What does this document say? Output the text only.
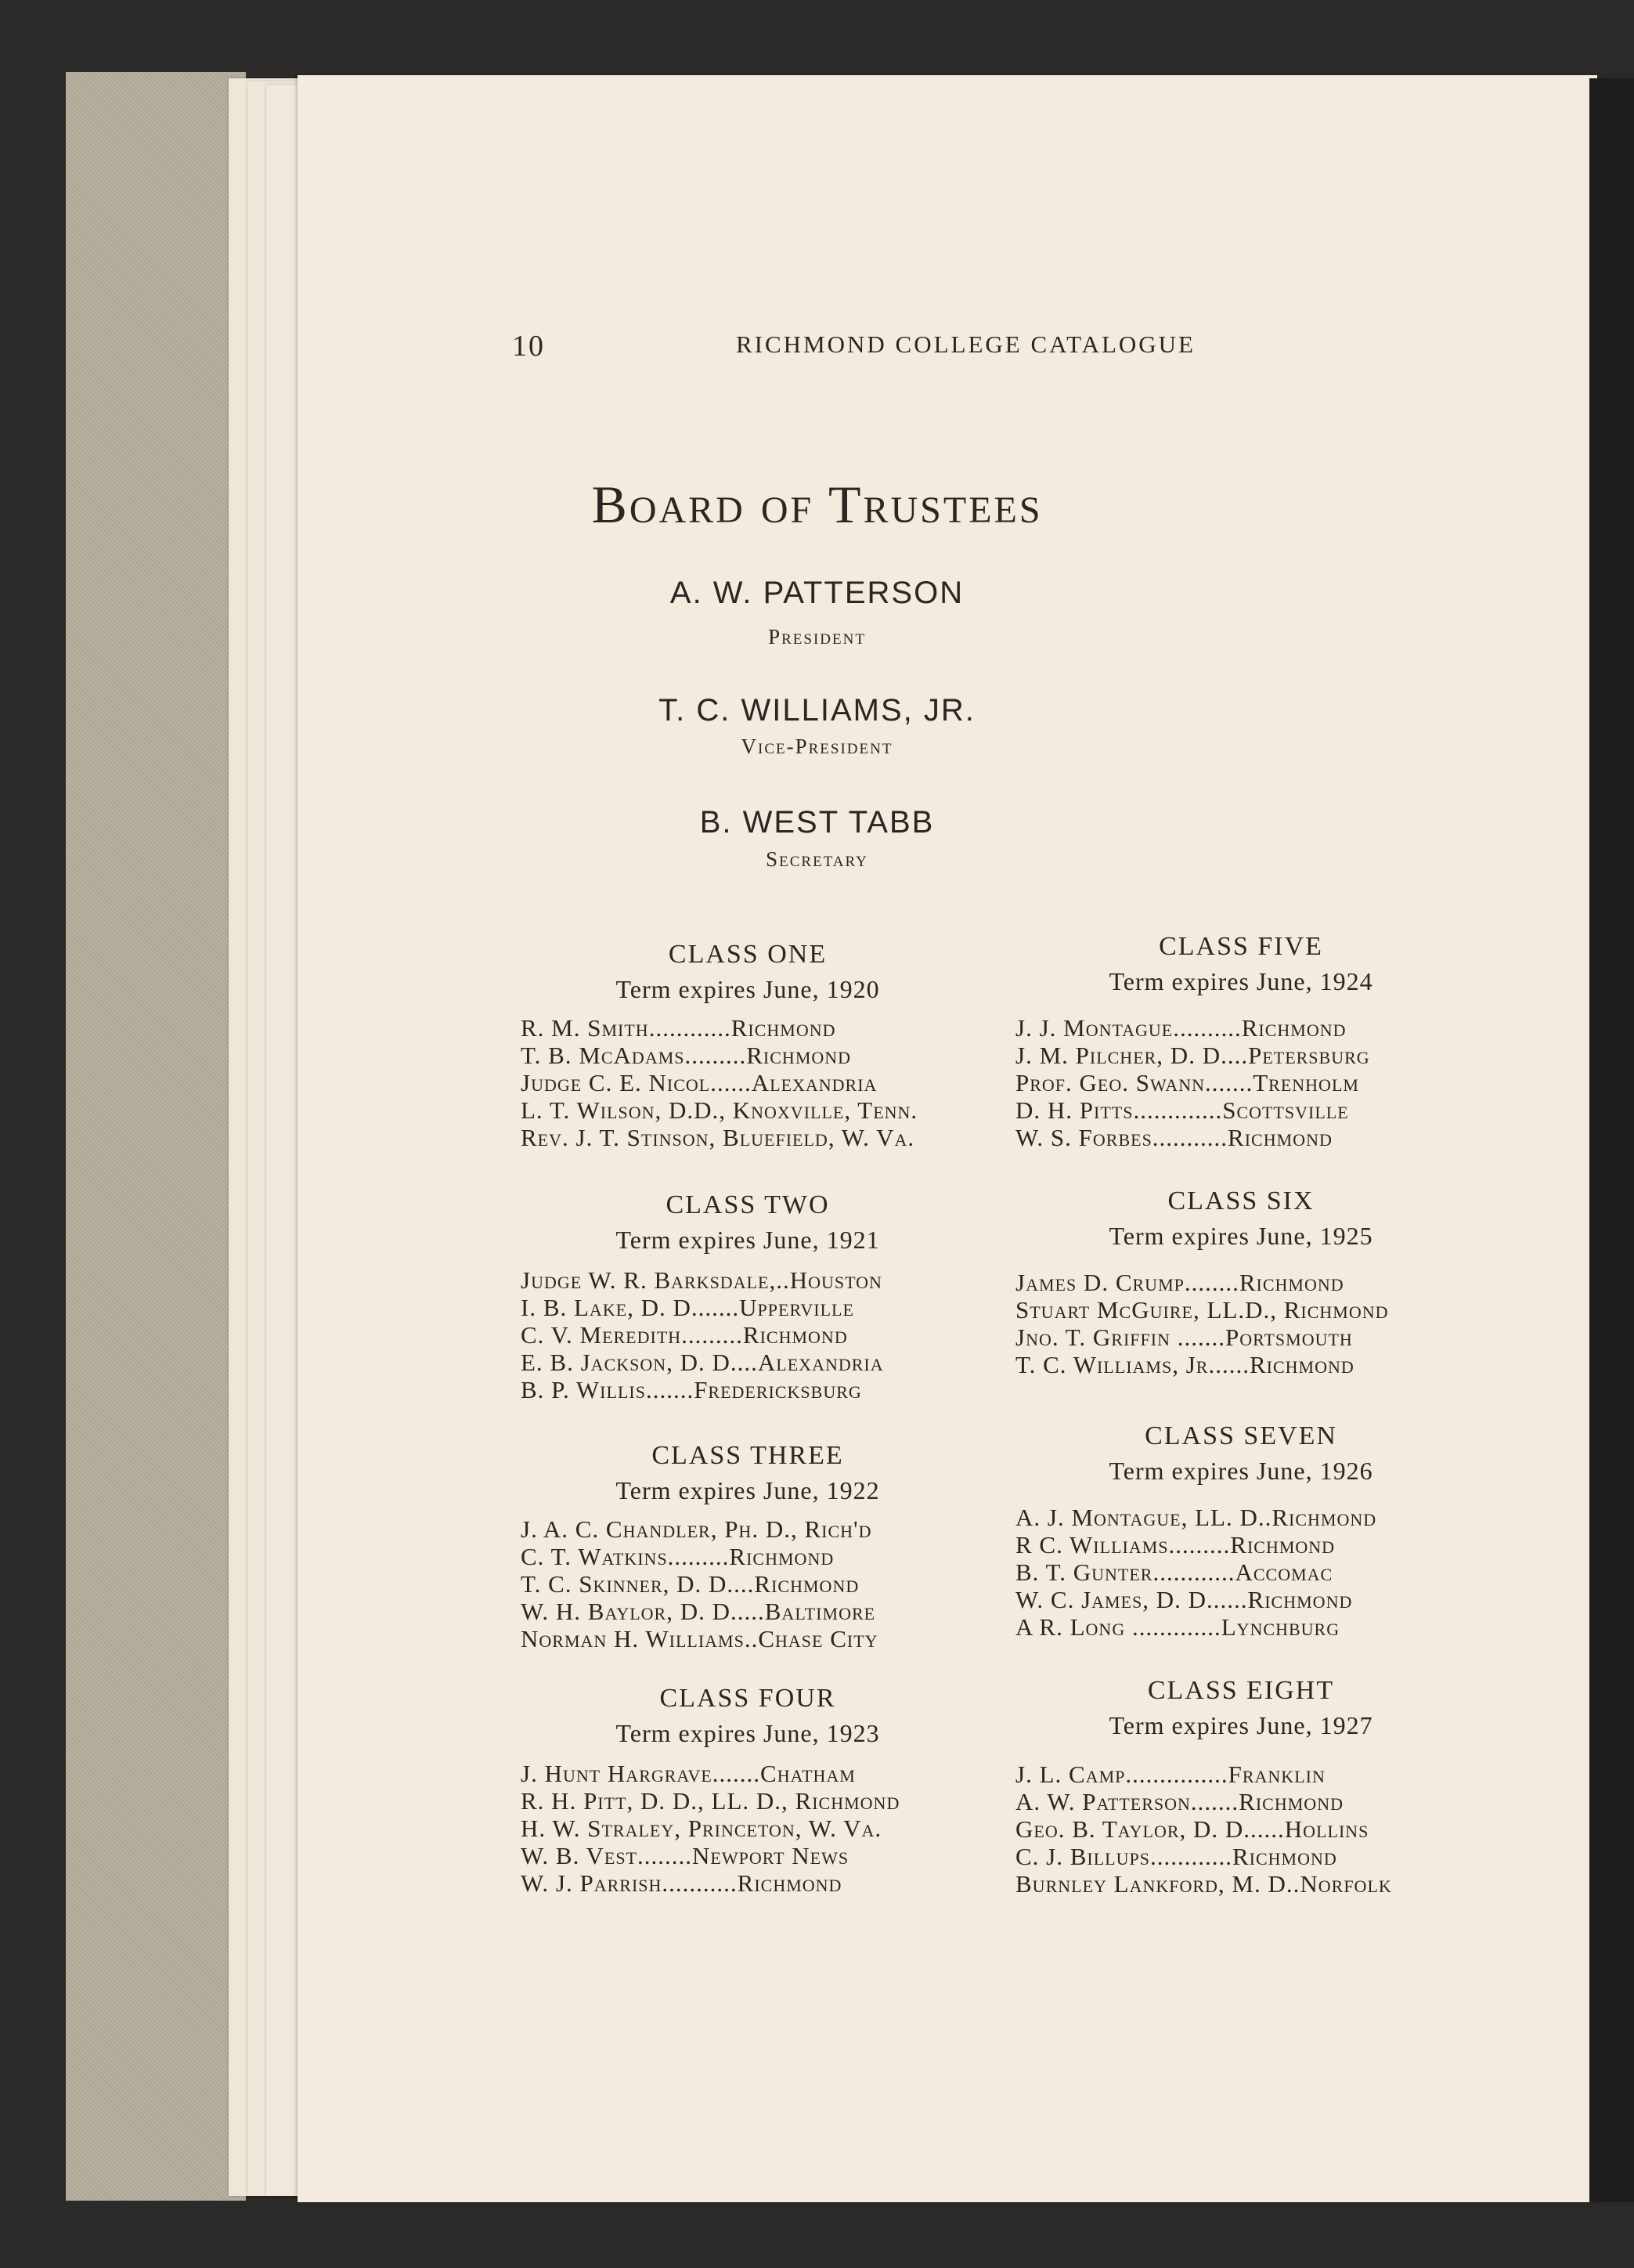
10	RICHMOND COLLEGE CATALOGUE
Board of Trustees
A. W. PATTERSON
President
T. C. WILLIAMS, JR.
Vice-President
B. WEST TABB
Secretary
CLASS ONE
Term expires June, 1920
R. M. Smith............Richmond
T. B. McAdams.........Richmond
Judge C. E. Nicol......Alexandria
L. T. Wilson, D.D., Knoxville, Tenn.
Rev. J. T. Stinson, Bluefield, W. Va.
CLASS TWO
Term expires June, 1921
Judge W. R. Barksdale,..Houston
I. B. Lake, D. D.......Upperville
C. V. Meredith.........Richmond
E. B. Jackson, D. D....Alexandria
B. P. Willis.......Fredericksburg
CLASS THREE
Term expires June, 1922
J. A. C. Chandler, Ph. D., Rich'd
C. T. Watkins.........Richmond
T. C. Skinner, D. D....Richmond
W. H. Baylor, D. D.....Baltimore
Norman H. Williams..Chase City
CLASS FOUR
Term expires June, 1923
J. Hunt Hargrave.......Chatham
R. H. Pitt, D. D., LL. D., Richmond
H. W. Straley, Princeton, W. Va.
W. B. Vest........Newport News
W. J. Parrish...........Richmond
CLASS FIVE
Term expires June, 1924
J. J. Montague..........Richmond
J. M. Pilcher, D. D....Petersburg
Prof. Geo. Swann.......Trenholm
D. H. Pitts.............Scottsville
W. S. Forbes...........Richmond
CLASS SIX
Term expires June, 1925
James D. Crump........Richmond
Stuart McGuire, LL.D., Richmond
Jno. T. Griffin .......Portsmouth
T. C. Williams, Jr......Richmond
CLASS SEVEN
Term expires June, 1926
A. J. Montague, LL. D..Richmond
R C. Williams.........Richmond
B. T. Gunter............Accomac
W. C. James, D. D......Richmond
A R. Long .............Lynchburg
CLASS EIGHT
Term expires June, 1927
J. L. Camp...............Franklin
A. W. Patterson.......Richmond
Geo. B. Taylor, D. D......Hollins
C. J. Billups............Richmond
Burnley Lankford, M. D..Norfolk
